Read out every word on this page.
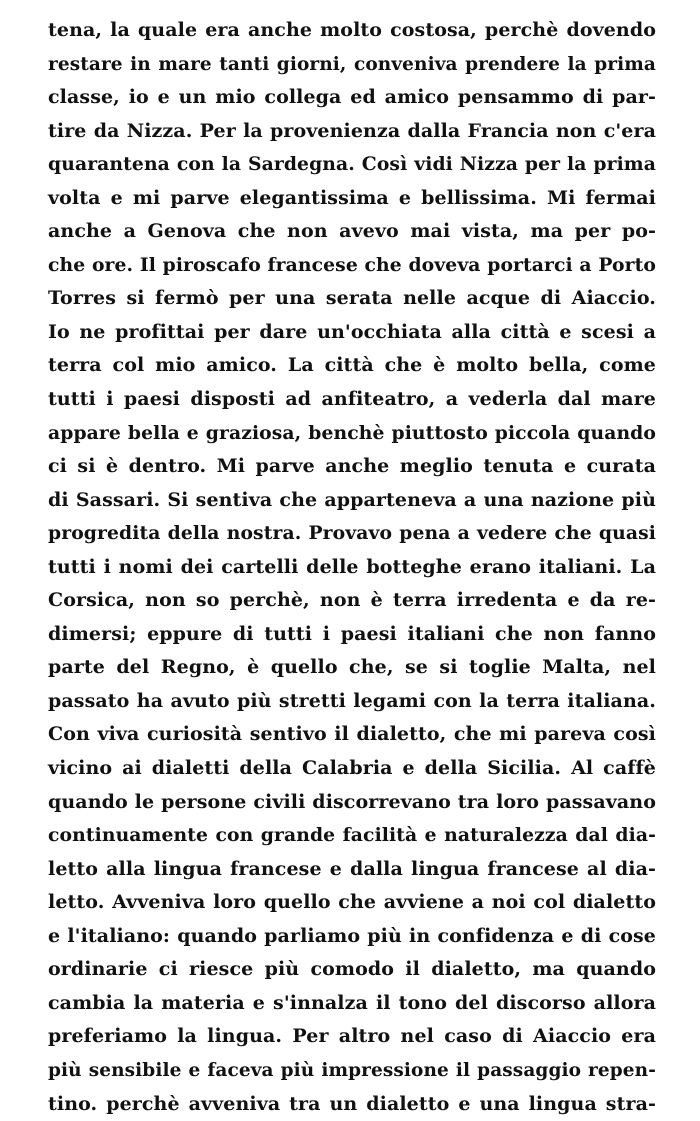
tena, la quale era anche molto costosa, perchè dovendo
restare in mare tanti giorni, conveniva prendere la prima
classe, io e un mio collega ed amico pensammo di par-
tire da Nizza. Per la provenienza dalla Francia non c'era
quarantena con la Sardegna. Così vidi Nizza per la prima
volta e mi parve elegantissima e bellissima. Mi fermai
anche a Genova che non avevo mai vista, ma per po-
che ore. Il piroscafo francese che doveva portarci a Porto
Torres si fermò per una serata nelle acque di Aiaccio.
Io ne profittai per dare un'occhiata alla città e scesi a
terra col mio amico. La città che è molto bella, come
tutti i paesi disposti ad anfiteatro, a vederla dal mare
appare bella e graziosa, benchè piuttosto piccola quando
ci si è dentro. Mi parve anche meglio tenuta e curata
di Sassari. Si sentiva che apparteneva a una nazione più
progredita della nostra. Provavo pena a vedere che quasi
tutti i nomi dei cartelli delle botteghe erano italiani. La
Corsica, non so perchè, non è terra irredenta e da re-
dimersi; eppure di tutti i paesi italiani che non fanno
parte del Regno, è quello che, se si toglie Malta, nel
passato ha avuto più stretti legami con la terra italiana.
Con viva curiosità sentivo il dialetto, che mi pareva così
vicino ai dialetti della Calabria e della Sicilia. Al caffè
quando le persone civili discorrevano tra loro passavano
continuamente con grande facilità e naturalezza dal dia-
letto alla lingua francese e dalla lingua francese al dia-
letto. Avveniva loro quello che avviene a noi col dialetto
e l'italiano: quando parliamo più in confidenza e di cose
ordinarie ci riesce più comodo il dialetto, ma quando
cambia la materia e s'innalza il tono del discorso allora
preferiamo la lingua. Per altro nel caso di Aiaccio era
più sensibile e faceva più impressione il passaggio repen-
tino. perchè avveniva tra un dialetto e una lingua stra-
